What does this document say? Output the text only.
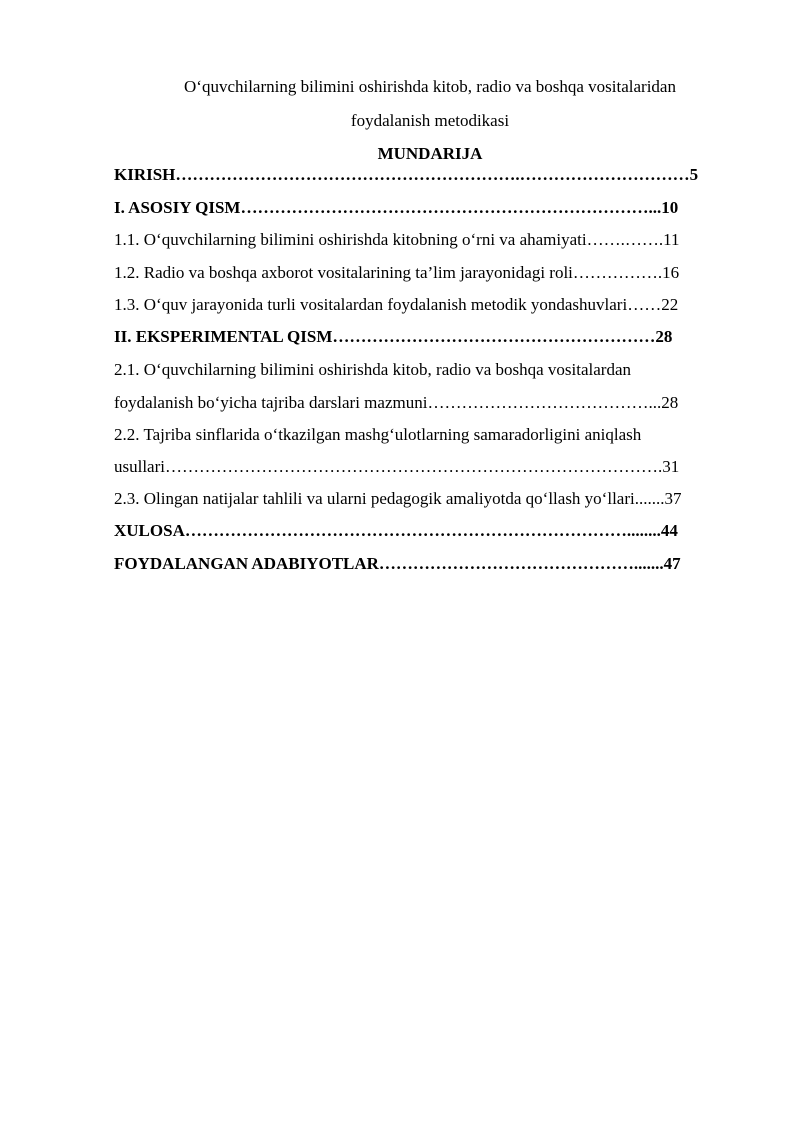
O‘quvchilarning bilimini oshirishda kitob, radio va boshqa vositalaridan
foydalanish metodikasi
MUNDARIJA
KIRISH…………………………………………………….…………………………5
I. ASOSIY QISM………………………………………………………………...10
1.1. O‘quvchilarning bilimini oshirishda kitobning o‘rni va ahamiyati…….…….11
1.2. Radio va boshqa axborot vositalarining ta’lim jarayonidagi roli…………….16
1.3. O‘quv jarayonida turli vositalardan foydalanish metodik yondashuvlari……22
II. EKSPERIMENTAL QISM…………………………………………………28
2.1. O‘quvchilarning bilimini oshirishda kitob, radio va boshqa vositalardan
foydalanish bo‘yicha tajriba darslari mazmuni…………………………………...28
2.2. Tajriba sinflarida o‘tkazilgan mashg‘ulotlarning samaradorligini aniqlash
usullari…………………………………………………………………………….31
2.3. Olingan natijalar tahlili va ularni pedagogik amaliyotda qo‘llash yo‘llari.......37
XULOSA……………………………………………………………………........44
FOYDALANGAN ADABIYOTLAR……………………………………….......47
